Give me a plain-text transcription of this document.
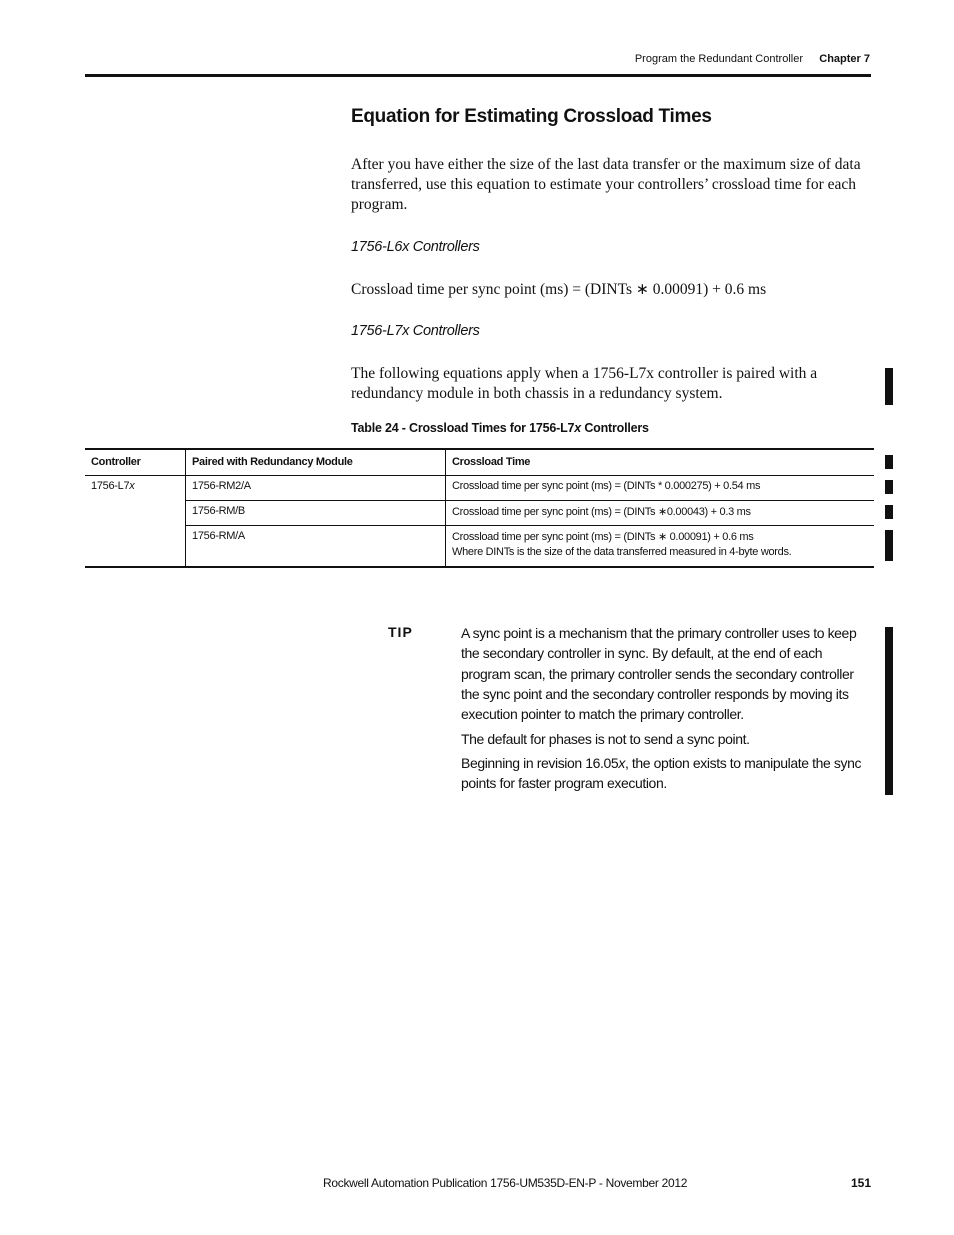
Program the Redundant Controller Chapter 7
Equation for Estimating Crossload Times
After you have either the size of the last data transfer or the maximum size of data transferred, use this equation to estimate your controllers’ crossload time for each program.
1756-L6x Controllers
Crossload time per sync point (ms) = (DINTs ∗ 0.00091) + 0.6 ms
1756-L7x Controllers
The following equations apply when a 1756-L7x controller is paired with a redundancy module in both chassis in a redundancy system.
Table 24 - Crossload Times for 1756-L7x Controllers
Controller	Paired with Redundancy Module	Crossload Time
1756-L7x	1756-RM2/A	Crossload time per sync point (ms) = (DINTs * 0.000275) + 0.54 ms
	1756-RM/B	Crossload time per sync point (ms) = (DINTs ∗0.00043) + 0.3 ms
	1756-RM/A	Crossload time per sync point (ms) = (DINTs ∗ 0.00091) + 0.6 ms
Where DINTs is the size of the data transferred measured in 4-byte words.
TIP	A sync point is a mechanism that the primary controller uses to keep the secondary controller in sync. By default, at the end of each program scan, the primary controller sends the secondary controller the sync point and the secondary controller responds by moving its execution pointer to match the primary controller.
The default for phases is not to send a sync point.
Beginning in revision 16.05x, the option exists to manipulate the sync points for faster program execution.
Rockwell Automation Publication 1756-UM535D-EN-P - November 2012	151
